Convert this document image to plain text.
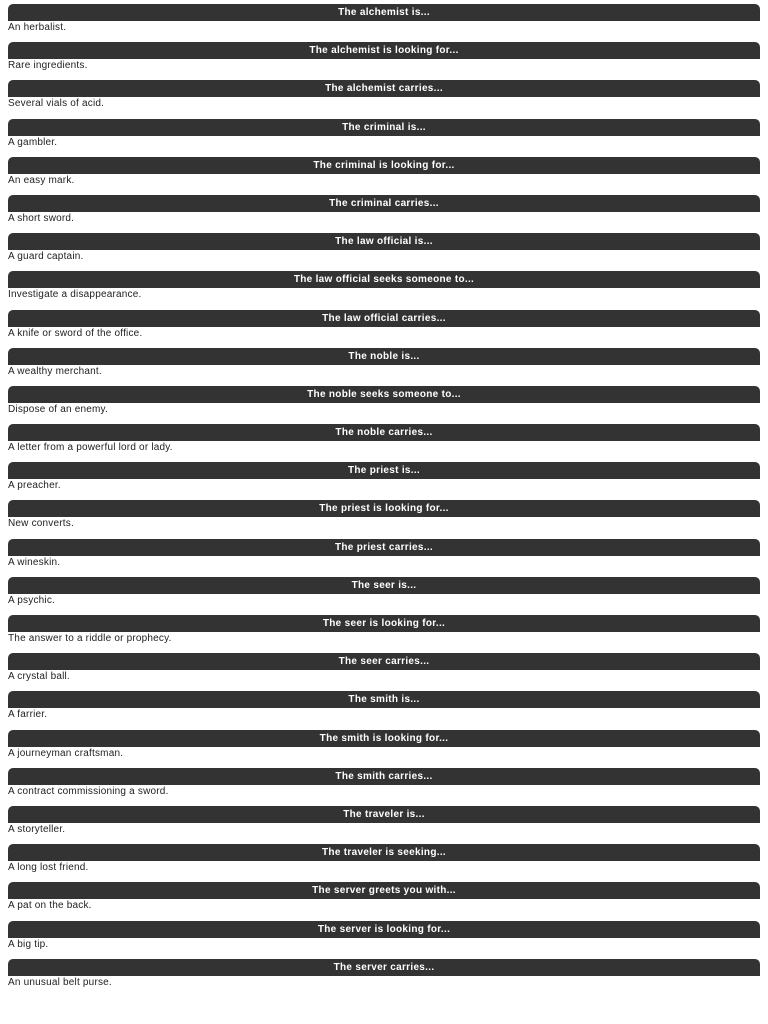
The alchemist is...
An herbalist.
The alchemist is looking for...
Rare ingredients.
The alchemist carries...
Several vials of acid.
The criminal is...
A gambler.
The criminal is looking for...
An easy mark.
The criminal carries...
A short sword.
The law official is...
A guard captain.
The law official seeks someone to...
Investigate a disappearance.
The law official carries...
A knife or sword of the office.
The noble is...
A wealthy merchant.
The noble seeks someone to...
Dispose of an enemy.
The noble carries...
A letter from a powerful lord or lady.
The priest is...
A preacher.
The priest is looking for...
New converts.
The priest carries...
A wineskin.
The seer is...
A psychic.
The seer is looking for...
The answer to a riddle or prophecy.
The seer carries...
A crystal ball.
The smith is...
A farrier.
The smith is looking for...
A journeyman craftsman.
The smith carries...
A contract commissioning a sword.
The traveler is...
A storyteller.
The traveler is seeking...
A long lost friend.
The server greets you with...
A pat on the back.
The server is looking for...
A big tip.
The server carries...
An unusual belt purse.
